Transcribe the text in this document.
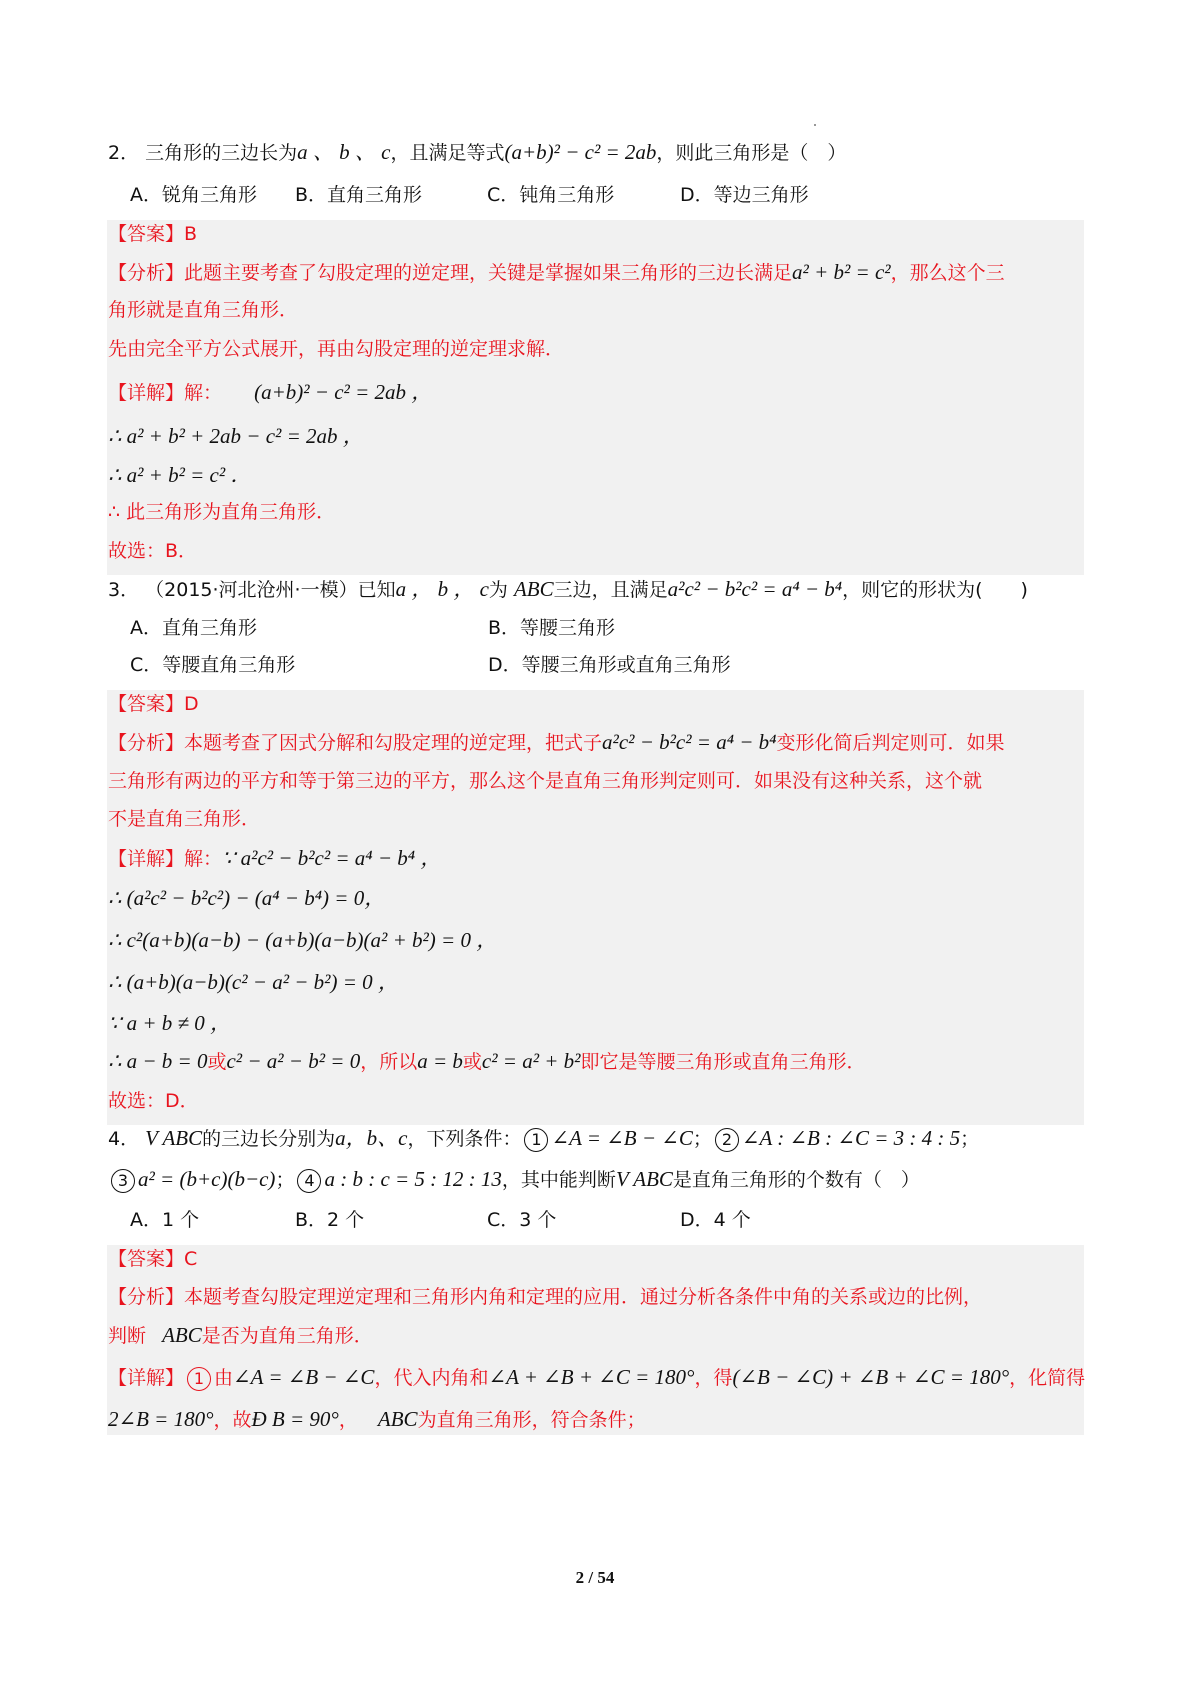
2． 三角形的三边长为a 、 b 、 c，且满足等式(a+b)² − c² = 2ab，则此三角形是（　）
A．锐角三角形 B．直角三角形	C．钝角三角形	D．等边三角形
【答案】B
【分析】此题主要考查了勾股定理的逆定理，关键是掌握如果三角形的三边长满足a² + b² = c²，那么这个三
角形就是直角三角形．
先由完全平方公式展开，再由勾股定理的逆定理求解．
【详解】解： (a+b)² − c² = 2ab ，
∴ a² + b² + 2ab − c² = 2ab ，
∴ a² + b² = c² ．
∴ 此三角形为直角三角形．
故选：B．
3． （2015·河北沧州·一模）已知a ， b ， c为 ABC三边，且满足a²c² − b²c² = a⁴ − b⁴，则它的形状为(　　)
A．直角三角形	B．等腰三角形
C．等腰直角三角形	D．等腰三角形或直角三角形
【答案】D
【分析】本题考查了因式分解和勾股定理的逆定理，把式子a²c² − b²c² = a⁴ − b⁴变形化简后判定则可．如果
三角形有两边的平方和等于第三边的平方，那么这个是直角三角形判定则可．如果没有这种关系，这个就
不是直角三角形．
【详解】解：∵ a²c² − b²c² = a⁴ − b⁴ ，
∴ (a²c² − b²c²) − (a⁴ − b⁴) = 0，
∴ c²(a+b)(a−b) − (a+b)(a−b)(a² + b²) = 0 ，
∴ (a+b)(a−b)(c² − a² − b²) = 0 ，
∵ a + b ≠ 0 ，
∴ a − b = 0或c² − a² − b² = 0，所以a = b或c² = a² + b²即它是等腰三角形或直角三角形．
故选：D．
4． V ABC的三边长分别为a，b、c，下列条件： 1 ∠A = ∠B − ∠C； 2 ∠A : ∠B : ∠C = 3 : 4 : 5；
3 a² = (b+c)(b−c)； 4 a : b : c = 5 : 12 : 13，其中能判断V ABC是直角三角形的个数有（　）
A．1 个	B．2 个	C．3 个	D．4 个
【答案】C
【分析】本题考查勾股定理逆定理和三角形内角和定理的应用．通过分析各条件中角的关系或边的比例，
判断 ABC是否为直角三角形．
【详解】 1 由∠A = ∠B − ∠C，代入内角和∠A + ∠B + ∠C = 180°，得(∠B − ∠C) + ∠B + ∠C = 180°，化简得
2∠B = 180°，故Ð B = 90°， ABC为直角三角形，符合条件；
2 / 54
